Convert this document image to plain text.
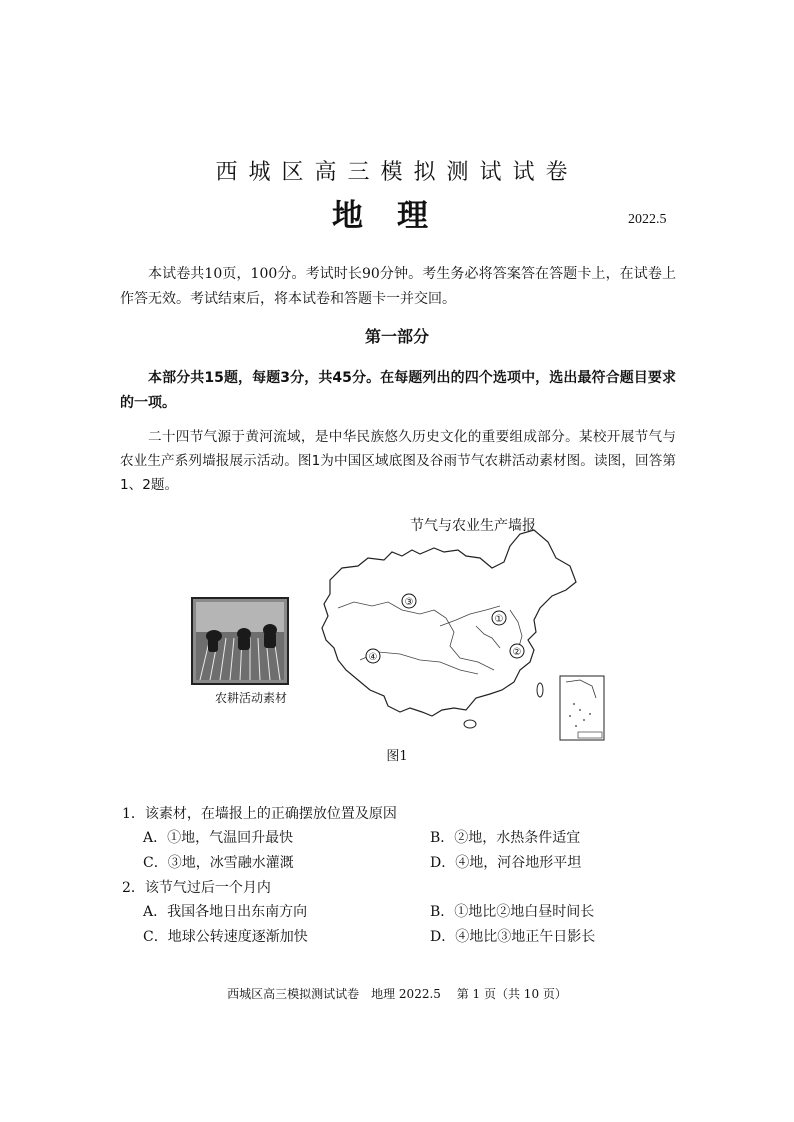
西城区高三模拟测试试卷
地理	2022.5
本试卷共10页，100分。考试时长90分钟。考生务必将答案答在答题卡上，在试卷上作答无效。考试结束后，将本试卷和答题卡一并交回。
第一部分
本部分共15题，每题3分，共45分。在每题列出的四个选项中，选出最符合题目要求的一项。
二十四节气源于黄河流域，是中华民族悠久历史文化的重要组成部分。某校开展节气与农业生产系列墙报展示活动。图1为中国区域底图及谷雨节气农耕活动素材图。读图，回答第1、2题。
节气与农业生产墙报
农耕活动素材
③
①
②
④
图1
1．该素材，在墙报上的正确摆放位置及原因
A．①地，气温回升最快	B．②地，水热条件适宜
C．③地，冰雪融水灌溉	D．④地，河谷地形平坦
2．该节气过后一个月内
A．我国各地日出东南方向	B．①地比②地白昼时间长
C．地球公转速度逐渐加快	D．④地比③地正午日影长
西城区高三模拟测试试卷　地理 2022.5　 第 1 页（共 10 页）
